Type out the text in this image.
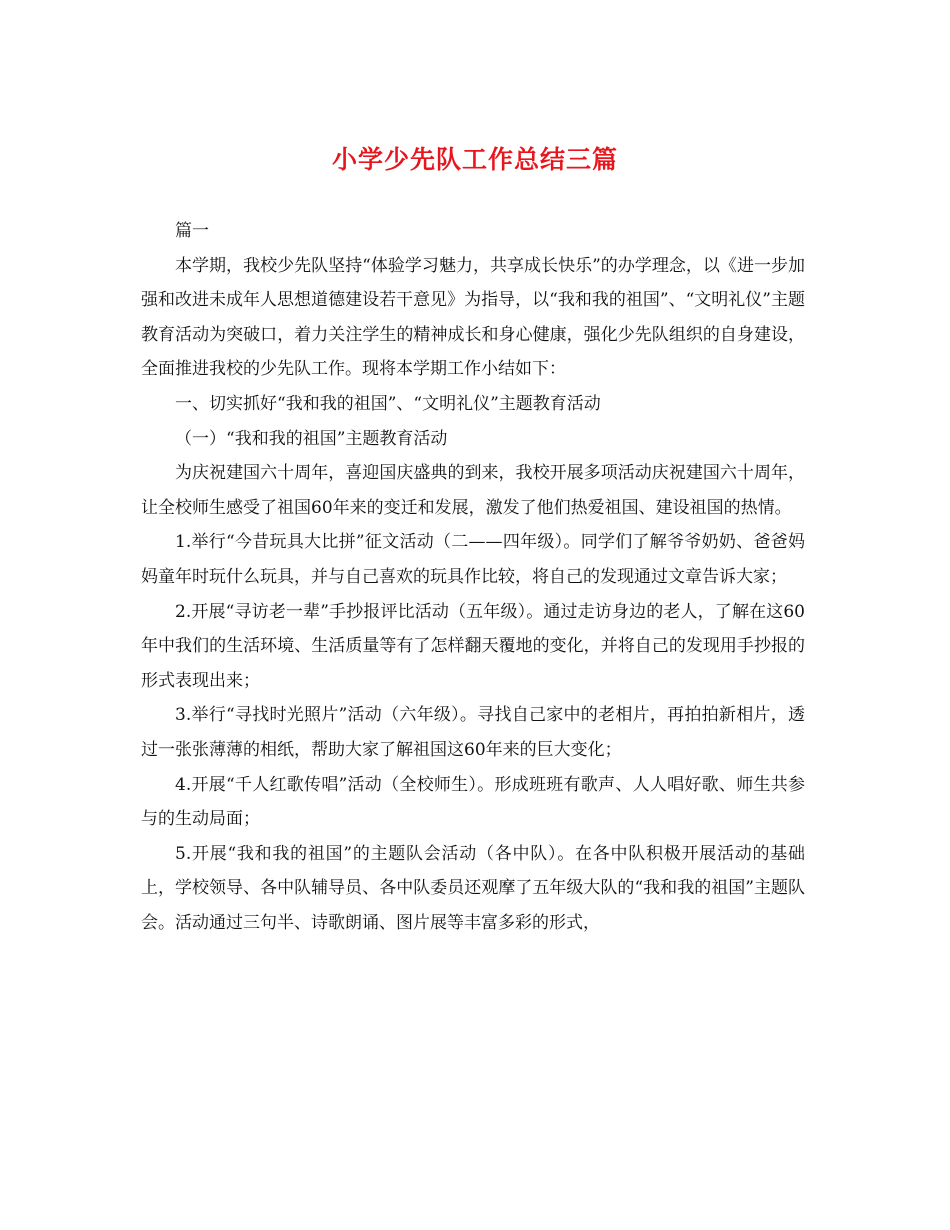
小学少先队工作总结三篇

篇一

本学期，我校少先队坚持“体验学习魅力，共享成长快乐”的办学理念，以《进一步加强和改进未成年人思想道德建设若干意见》为指导，以“我和我的祖国”、“文明礼仪”主题教育活动为突破口，着力关注学生的精神成长和身心健康，强化少先队组织的自身建设，全面推进我校的少先队工作。现将本学期工作小结如下：

一、切实抓好“我和我的祖国”、“文明礼仪”主题教育活动

（一）“我和我的祖国”主题教育活动

为庆祝建国六十周年，喜迎国庆盛典的到来，我校开展多项活动庆祝建国六十周年，让全校师生感受了祖国60年来的变迁和发展，激发了他们热爱祖国、建设祖国的热情。

1.举行“今昔玩具大比拼”征文活动（二——四年级）。同学们了解爷爷奶奶、爸爸妈妈童年时玩什么玩具，并与自己喜欢的玩具作比较，将自己的发现通过文章告诉大家；

2.开展“寻访老一辈”手抄报评比活动（五年级）。通过走访身边的老人，了解在这60年中我们的生活环境、生活质量等有了怎样翻天覆地的变化，并将自己的发现用手抄报的形式表现出来；

3.举行“寻找时光照片”活动（六年级）。寻找自己家中的老相片，再拍拍新相片，透过一张张薄薄的相纸，帮助大家了解祖国这60年来的巨大变化；

4.开展“千人红歌传唱”活动（全校师生）。形成班班有歌声、人人唱好歌、师生共参与的生动局面；

5.开展“我和我的祖国”的主题队会活动（各中队）。在各中队积极开展活动的基础上，学校领导、各中队辅导员、各中队委员还观摩了五年级大队的“我和我的祖国”主题队会。活动通过三句半、诗歌朗诵、图片展等丰富多彩的形式，
